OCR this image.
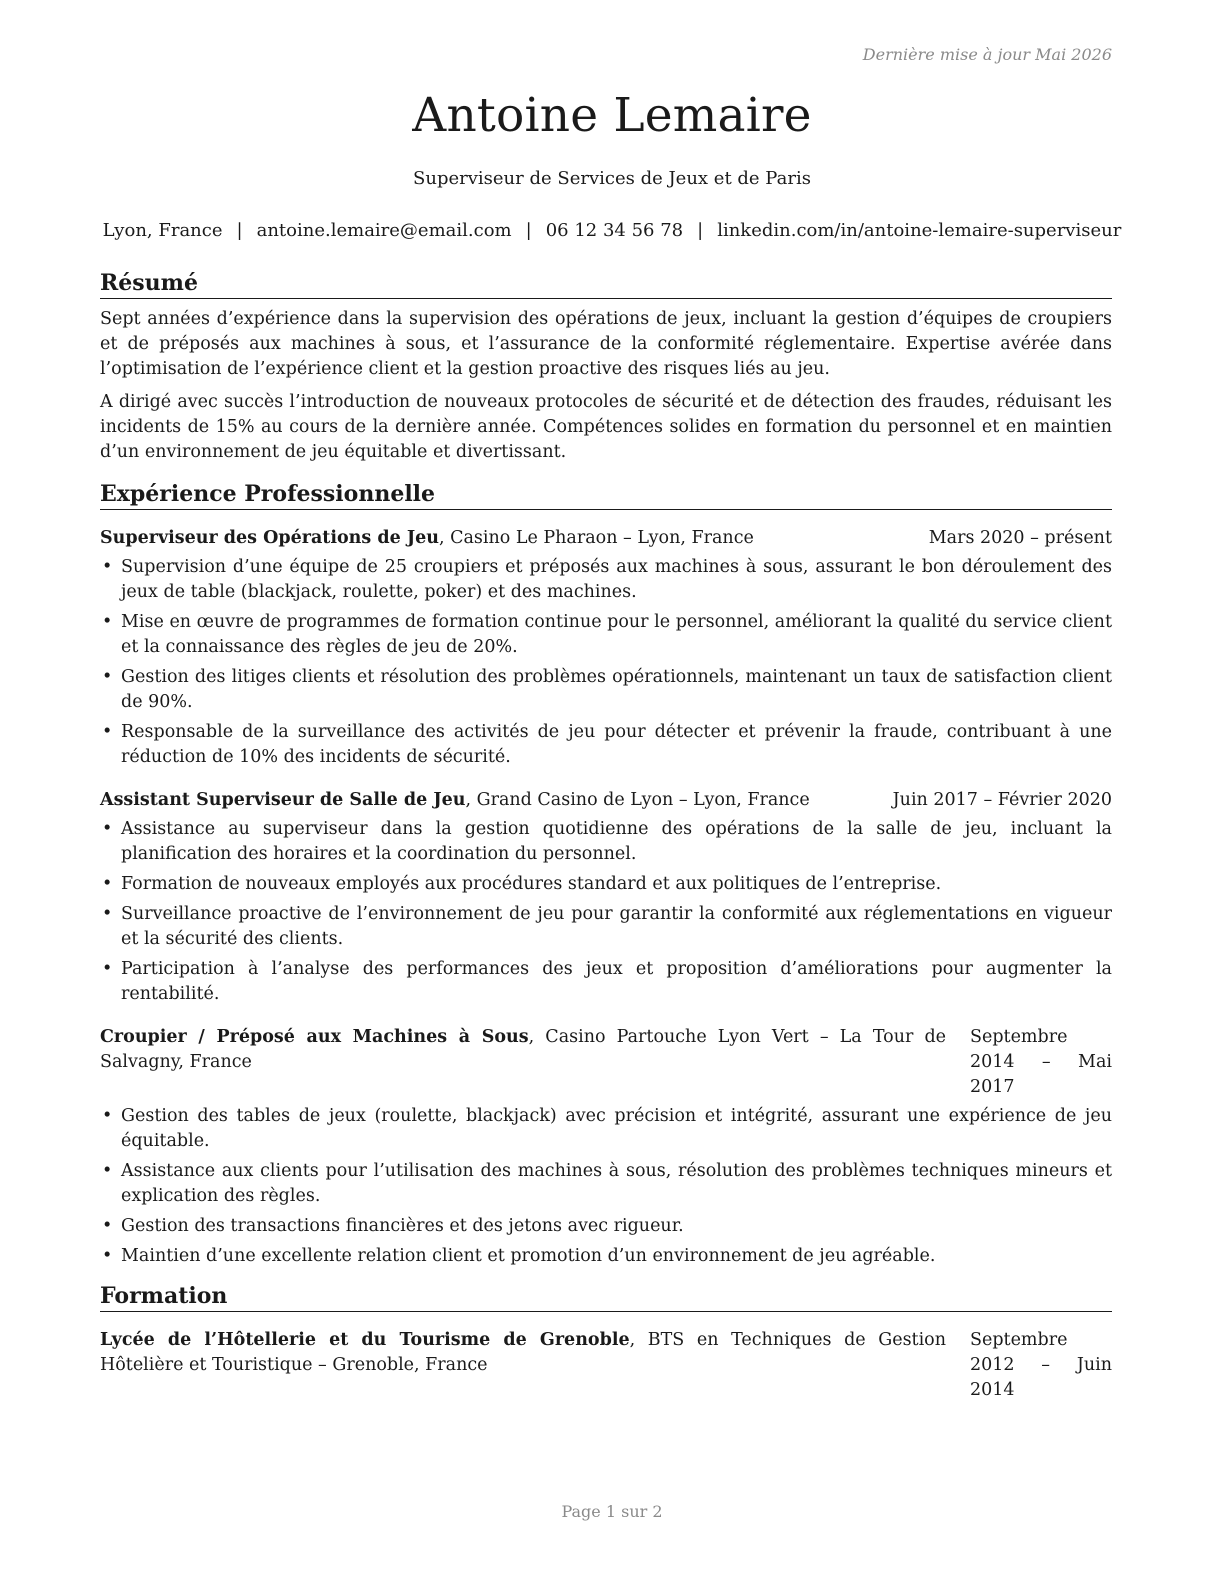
Dernière mise à jour Mai 2026
Antoine Lemaire
Superviseur de Services de Jeux et de Paris
Lyon, France | antoine.lemaire@email.com | 06 12 34 56 78 | linkedin.com/in/antoine-lemaire-superviseur
Résumé

Sept années d’expérience dans la supervision des opérations de jeux, incluant la gestion d’équipes de croupiers et de préposés aux machines à sous, et l’assurance de la conformité réglementaire. Expertise avérée dans l’optimisation de l’expérience client et la gestion proactive des risques liés au jeu.

A dirigé avec succès l’introduction de nouveaux protocoles de sécurité et de détection des fraudes, réduisant les incidents de 15% au cours de la dernière année. Compétences solides en formation du personnel et en maintien d’un environnement de jeu équitable et divertissant.

Expérience Professionnelle
Superviseur des Opérations de Jeu, Casino Le Pharaon – Lyon, France	Mars 2020 – présent
• Supervision d’une équipe de 25 croupiers et préposés aux machines à sous, assurant le bon déroulement des jeux de table (blackjack, roulette, poker) et des machines.
• Mise en œuvre de programmes de formation continue pour le personnel, améliorant la qualité du service client et la connaissance des règles de jeu de 20%.
• Gestion des litiges clients et résolution des problèmes opérationnels, maintenant un taux de satisfaction client de 90%.
• Responsable de la surveillance des activités de jeu pour détecter et prévenir la fraude, contribuant à une réduction de 10% des incidents de sécurité.
Assistant Superviseur de Salle de Jeu, Grand Casino de Lyon – Lyon, France	Juin 2017 – Février 2020
• Assistance au superviseur dans la gestion quotidienne des opérations de la salle de jeu, incluant la planification des horaires et la coordination du personnel.
• Formation de nouveaux employés aux procédures standard et aux politiques de l’entreprise.
• Surveillance proactive de l’environnement de jeu pour garantir la conformité aux réglementations en vigueur et la sécurité des clients.
• Participation à l’analyse des performances des jeux et proposition d’améliorations pour augmenter la rentabilité.
Croupier / Préposé aux Machines à Sous, Casino Partouche Lyon Vert – La Tour de Salvagny, France
Septembre 2014 – Mai 2017
• Gestion des tables de jeux (roulette, blackjack) avec précision et intégrité, assurant une expérience de jeu équitable.
• Assistance aux clients pour l’utilisation des machines à sous, résolution des problèmes techniques mineurs et explication des règles.
• Gestion des transactions financières et des jetons avec rigueur.
• Maintien d’une excellente relation client et promotion d’un environnement de jeu agréable.
Formation
Lycée de l’Hôtellerie et du Tourisme de Grenoble, BTS en Techniques de Gestion Hôtelière et Touristique – Grenoble, France
Septembre 2012 – Juin 2014
Page 1 sur 2
